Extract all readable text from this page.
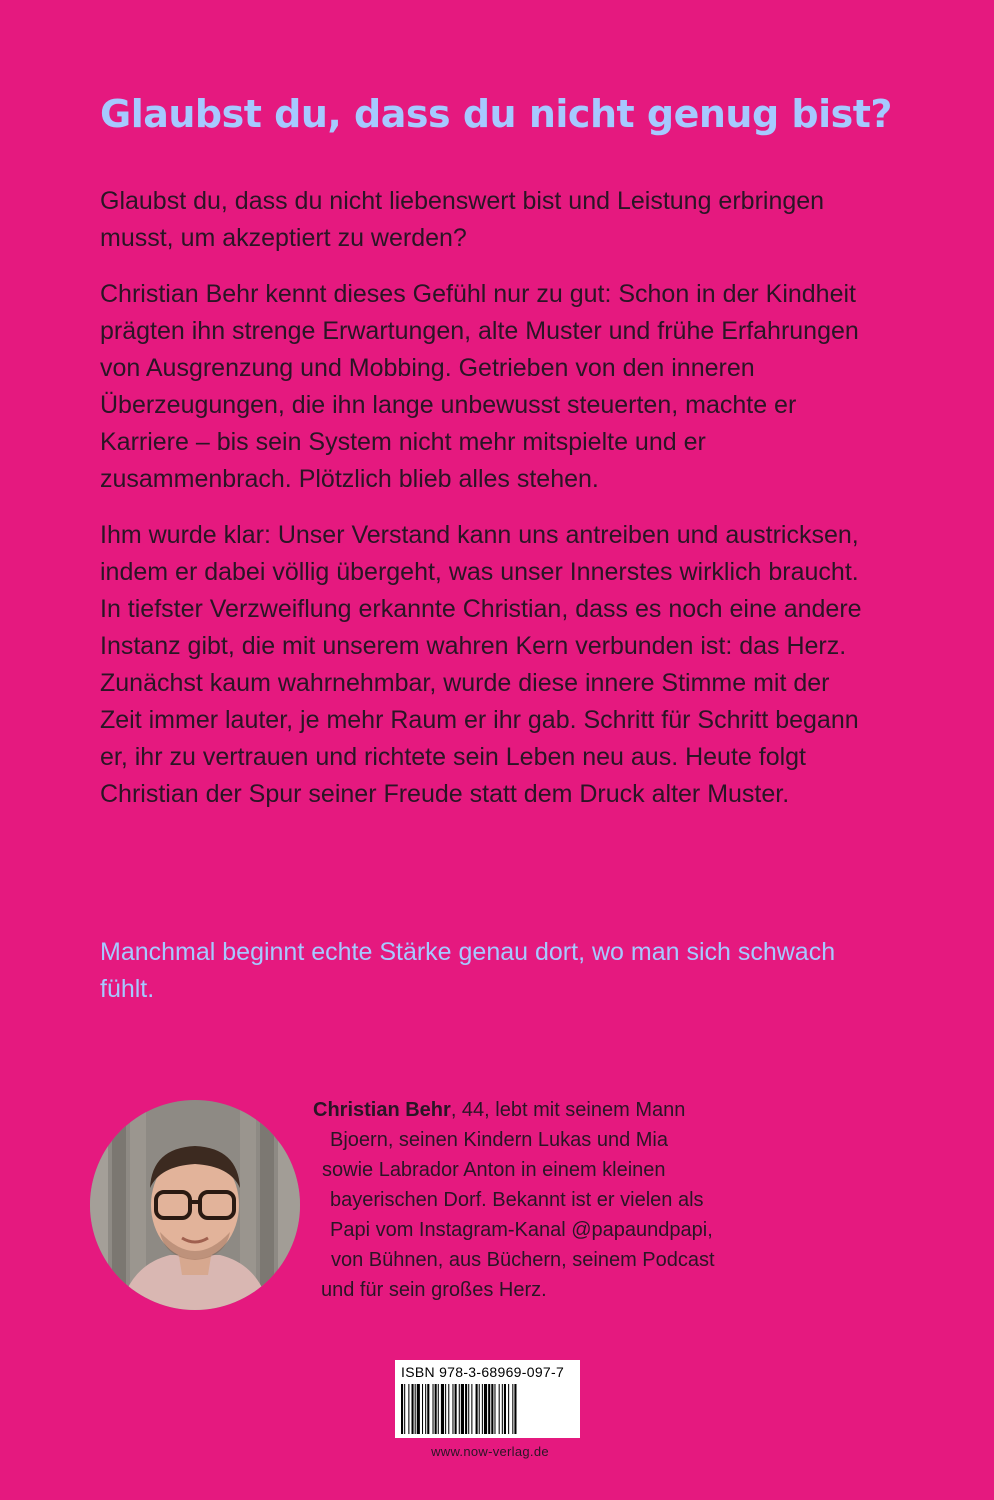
Glaubst du, dass du nicht genug bist?

Glaubst du, dass du nicht liebenswert bist und Leistung erbringen musst, um akzeptiert zu werden?

Christian Behr kennt dieses Gefühl nur zu gut: Schon in der Kindheit prägten ihn strenge Erwartungen, alte Muster und frühe Erfahrungen von Ausgrenzung und Mobbing. Getrieben von den inneren Überzeugungen, die ihn lange unbewusst steuerten, machte er Karriere – bis sein System nicht mehr mitspielte und er zusammenbrach. Plötzlich blieb alles stehen.

Ihm wurde klar: Unser Verstand kann uns antreiben und austricksen, indem er dabei völlig übergeht, was unser Innerstes wirklich braucht. In tiefster Verzweiflung erkannte Christian, dass es noch eine andere Instanz gibt, die mit unserem wahren Kern verbunden ist: das Herz. Zunächst kaum wahrnehmbar, wurde diese innere Stimme mit der Zeit immer lauter, je mehr Raum er ihr gab. Schritt für Schritt begann er, ihr zu vertrauen und richtete sein Leben neu aus. Heute folgt Christian der Spur seiner Freude statt dem Druck alter Muster.

Manchmal beginnt echte Stärke genau dort, wo man sich schwach fühlt.

Christian Behr, 44, lebt mit seinem Mann
Bjoern, seinen Kindern Lukas und Mia
sowie Labrador Anton in einem kleinen
bayerischen Dorf. Bekannt ist er vielen als
Papi vom Instagram-Kanal @papaundpapi,
von Bühnen, aus Büchern, seinem Podcast
und für sein großes Herz.
ISBN 978-3-68969-097-7
www.now-verlag.de
